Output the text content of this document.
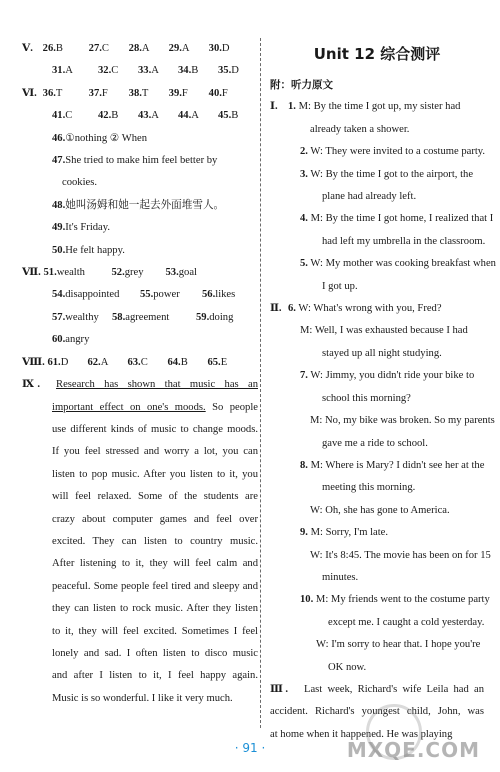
Ⅴ. 26.B 27.C 28.A 29.A 30.D
31.A 32.C 33.A 34.B 35.D
Ⅵ. 36.T 37.F 38.T 39.F 40.F
41.C 42.B 43.A 44.A 45.B
46.①nothing ② When
47.She tried to make him feel better by
cookies.
48.她叫汤姆和她一起去外面堆雪人。
49.It's Friday.
50.He felt happy.
Ⅶ. 51.wealth	52.grey 53.goal
54.disappointed 55.power 56.likes
57.wealthy 58.agreement	59.doing
60.angry
Ⅷ. 61.D 62.A 63.C 64.B 65.E
Ⅸ. Research has shown that music has an
important effect on one's moods. So people
use different kinds of music to change moods.
If you feel stressed and worry a lot, you can
listen to pop music. After you listen to it, you
will feel relaxed. Some of the students are
crazy about computer games and feel over
excited. They can listen to country music.
After listening to it, they will feel calm and
peaceful. Some people feel tired and sleepy and
they can listen to rock music. After they listen
to it, they will feel excited. Sometimes I feel
lonely and sad. I often listen to disco music
and after I listen to it, I feel happy again.
Music is so wonderful. I like it very much.
Unit 12 综合测评
附：听力原文
Ⅰ. 1. M: By the time I got up, my sister had
already taken a shower.
2. W: They were invited to a costume party.
3. W: By the time I got to the airport, the
plane had already left.
4. M: By the time I got home, I realized that I
had left my umbrella in the classroom.
5. W: My mother was cooking breakfast when
I got up.
Ⅱ. 6. W: What's wrong with you, Fred?
M: Well, I was exhausted because I had
stayed up all night studying.
7. W: Jimmy, you didn't ride your bike to
school this morning?
M: No, my bike was broken. So my parents
gave me a ride to school.
8. M: Where is Mary? I didn't see her at the
meeting this morning.
W: Oh, she has gone to America.
9. M: Sorry, I'm late.
W: It's 8:45. The movie has been on for 15
minutes.
10. M: My friends went to the costume party
except me. I caught a cold yesterday.
W: I'm sorry to hear that. I hope you're
OK now.
Ⅲ. Last week, Richard's wife Leila had an
accident. Richard's youngest child, John, was
at home when it happened. He was playing
· 91 ·	MXQE.COM
